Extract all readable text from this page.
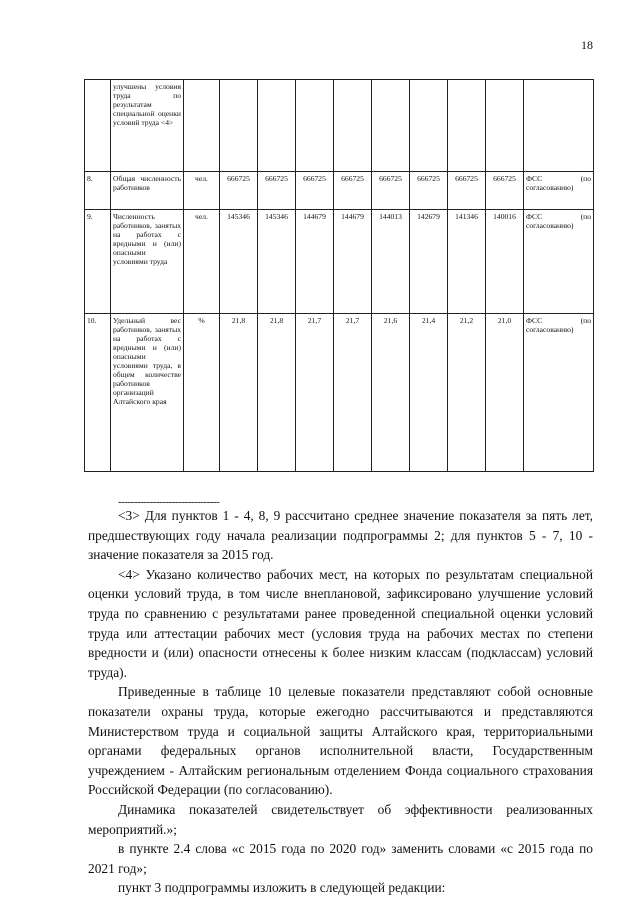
18
	улучшены условия труда по результатам специальной оценки условий труда <4>										
8.	Общая численность работников	чел.	666725	666725	666725	666725	666725	666725	666725	666725	ФСС (по согласованию)
9.	Численность работников, занятых на работах с вредными и (или) опасными условиями труда	чел.	145346	145346	144679	144679	144013	142679	141346	140016	ФСС (по согласованию)
10.	Удельный вес работников, занятых на работах с вредными и (или) опасными условиями труда, в общем количестве работников организаций Алтайского края	%	21,8	21,8	21,7	21,7	21,6	21,4	21,2	21,0	ФСС (по согласованию)
--------------------------------

<3> Для пунктов 1 - 4, 8, 9 рассчитано среднее значение показателя за пять лет, предшествующих году начала реализации подпрограммы 2; для пунктов 5 - 7, 10 - значение показателя за 2015 год.

<4> Указано количество рабочих мест, на которых по результатам специальной оценки условий труда, в том числе внеплановой, зафиксировано улучшение условий труда по сравнению с результатами ранее проведенной специальной оценки условий труда или аттестации рабочих мест (условия труда на рабочих местах по степени вредности и (или) опасности отнесены к более низким классам (подклассам) условий труда).

Приведенные в таблице 10 целевые показатели представляют собой основные показатели охраны труда, которые ежегодно рассчитываются и представляются Министерством труда и социальной защиты Алтайского края, территориальными органами федеральных органов исполнительной власти, Государственным учреждением - Алтайским региональным отделением Фонда социального страхования Российской Федерации (по согласованию).

Динамика показателей свидетельствует об эффективности реализованных мероприятий.»;

в пункте 2.4 слова «с 2015 года по 2020 год» заменить словами «с 2015 года по 2021 год»;

пункт 3 подпрограммы изложить в следующей редакции:
